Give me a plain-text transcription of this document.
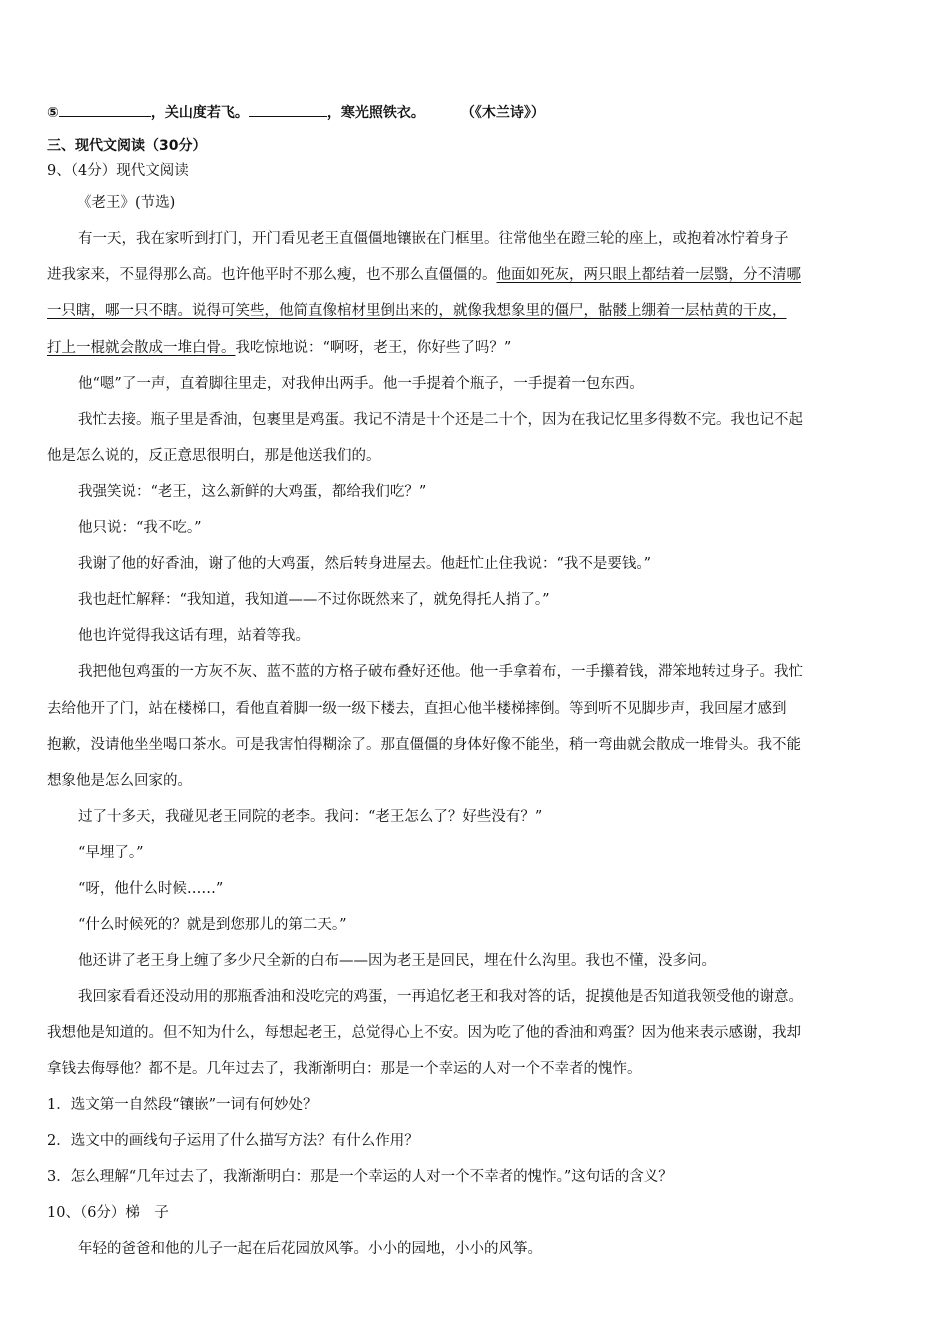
⑤	，关山度若飞。	，寒光照铁衣。	（《木兰诗》）
三、现代文阅读（30分）
9、（4分）现代文阅读
《老王》(节选)
有一天，我在家听到打门，开门看见老王直僵僵地镶嵌在门框里。往常他坐在蹬三轮的座上，或抱着冰㤖着身子
进我家来，不显得那么高。也许他平时不那么瘦，也不那么直僵僵的。他面如死灰，两只眼上都结着一层翳，分不清哪
一只瞎，哪一只不瞎。说得可笑些，他简直像棺材里倒出来的，就像我想象里的僵尸，骷髅上绷着一层枯黄的干皮，
打上一棍就会散成一堆白骨。我吃惊地说：“啊呀，老王，你好些了吗？”
他“嗯”了一声，直着脚往里走，对我伸出两手。他一手提着个瓶子，一手提着一包东西。
我忙去接。瓶子里是香油，包裹里是鸡蛋。我记不清是十个还是二十个，因为在我记忆里多得数不完。我也记不起
他是怎么说的，反正意思很明白，那是他送我们的。
我强笑说：“老王，这么新鲜的大鸡蛋，都给我们吃？”
他只说：“我不吃。”
我谢了他的好香油，谢了他的大鸡蛋，然后转身进屋去。他赶忙止住我说：“我不是要钱。”
我也赶忙解释：“我知道，我知道——不过你既然来了，就免得托人捎了。”
他也许觉得我这话有理，站着等我。
我把他包鸡蛋的一方灰不灰、蓝不蓝的方格子破布叠好还他。他一手拿着布，一手攥着钱，滞笨地转过身子。我忙
去给他开了门，站在楼梯口，看他直着脚一级一级下楼去，直担心他半楼梯摔倒。等到听不见脚步声，我回屋才感到
抱歉，没请他坐坐喝口茶水。可是我害怕得糊涂了。那直僵僵的身体好像不能坐，稍一弯曲就会散成一堆骨头。我不能
想象他是怎么回家的。
过了十多天，我碰见老王同院的老李。我问：“老王怎么了？好些没有？”
“早埋了。”
“呀，他什么时候……”
“什么时候死的？就是到您那儿的第二天。”
他还讲了老王身上缠了多少尺全新的白布——因为老王是回民，埋在什么沟里。我也不懂，没多问。
我回家看看还没动用的那瓶香油和没吃完的鸡蛋，一再追忆老王和我对答的话，捉摸他是否知道我领受他的谢意。
我想他是知道的。但不知为什么，每想起老王，总觉得心上不安。因为吃了他的香油和鸡蛋？因为他来表示感谢，我却
拿钱去侮辱他？都不是。几年过去了，我渐渐明白：那是一个幸运的人对一个不幸者的愧怍。
1．选文第一自然段“镶嵌”一词有何妙处？
2．选文中的画线句子运用了什么描写方法？有什么作用？
3．怎么理解“几年过去了，我渐渐明白：那是一个幸运的人对一个不幸者的愧怍。”这句话的含义？
10、（6分）梯　子
年轻的爸爸和他的儿子一起在后花园放风筝。小小的园地，小小的风筝。
